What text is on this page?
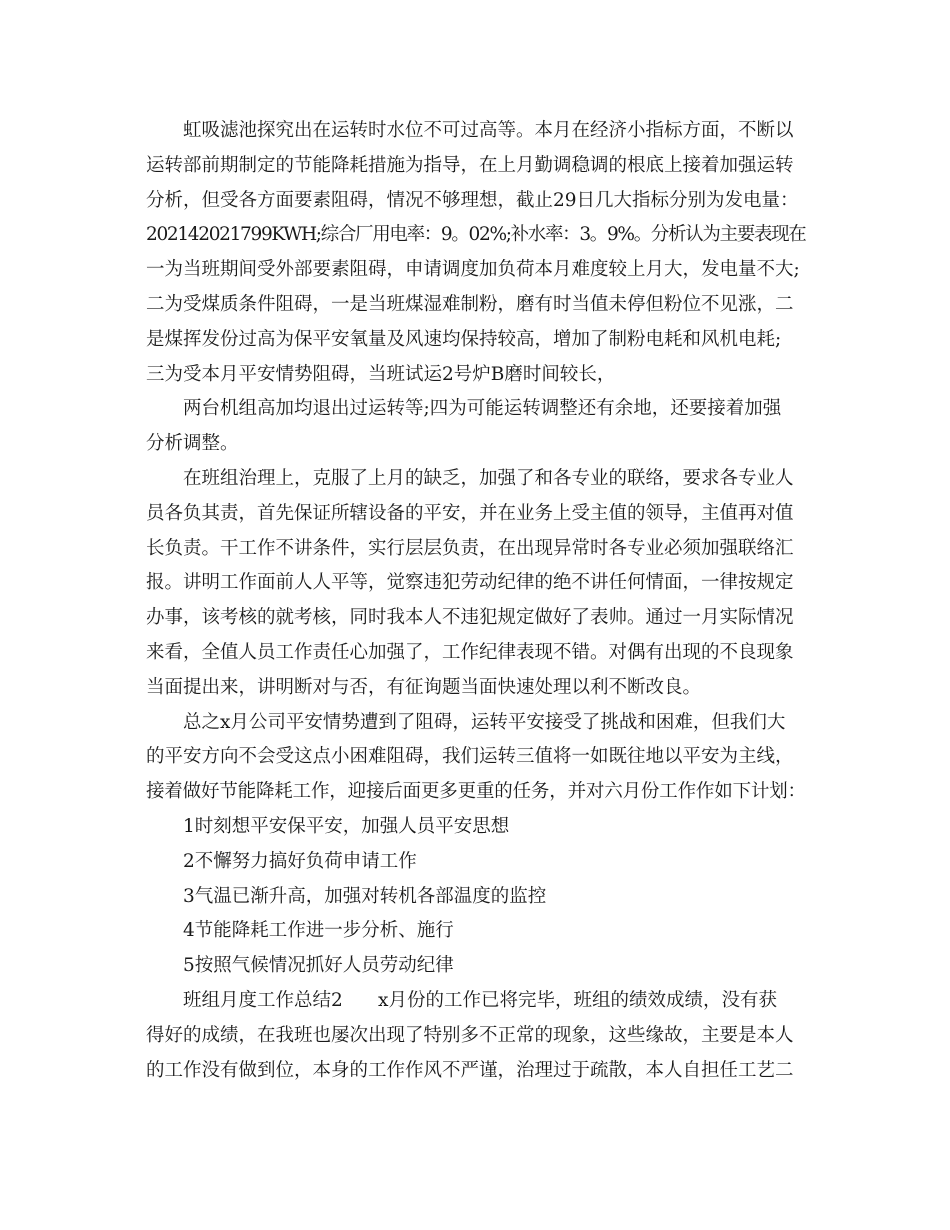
虹吸滤池探究出在运转时水位不可过高等。本月在经济小指标方面，不断以
运转部前期制定的节能降耗措施为指导，在上月勤调稳调的根底上接着加强运转
分析，但受各方面要素阻碍，情况不够理想，截止29日几大指标分别为发电量：
202142021799KWH;综合厂用电率：9。02%;补水率：3。9%。分析认为主要表现在
一为当班期间受外部要素阻碍，申请调度加负荷本月难度较上月大，发电量不大;
二为受煤质条件阻碍，一是当班煤湿难制粉，磨有时当值未停但粉位不见涨，二
是煤挥发份过高为保平安氧量及风速均保持较高，增加了制粉电耗和风机电耗;
三为受本月平安情势阻碍，当班试运2号炉B磨时间较长，
两台机组高加均退出过运转等;四为可能运转调整还有余地，还要接着加强
分析调整。
在班组治理上，克服了上月的缺乏，加强了和各专业的联络，要求各专业人
员各负其责，首先保证所辖设备的平安，并在业务上受主值的领导，主值再对值
长负责。干工作不讲条件，实行层层负责，在出现异常时各专业必须加强联络汇
报。讲明工作面前人人平等，觉察违犯劳动纪律的绝不讲任何情面，一律按规定
办事，该考核的就考核，同时我本人不违犯规定做好了表帅。通过一月实际情况
来看，全值人员工作责任心加强了，工作纪律表现不错。对偶有出现的不良现象
当面提出来，讲明断对与否，有征询题当面快速处理以利不断改良。
总之x月公司平安情势遭到了阻碍，运转平安接受了挑战和困难，但我们大
的平安方向不会受这点小困难阻碍，我们运转三值将一如既往地以平安为主线，
接着做好节能降耗工作，迎接后面更多更重的任务，并对六月份工作作如下计划：
1时刻想平安保平安，加强人员平安思想
2不懈努力搞好负荷申请工作
3气温已渐升高，加强对转机各部温度的监控
4节能降耗工作进一步分析、施行
5按照气候情况抓好人员劳动纪律
班组月度工作总结2      x月份的工作已将完毕，班组的绩效成绩，没有获
得好的成绩，在我班也屡次出现了特别多不正常的现象，这些缘故，主要是本人
的工作没有做到位，本身的工作作风不严谨，治理过于疏散，本人自担任工艺二
